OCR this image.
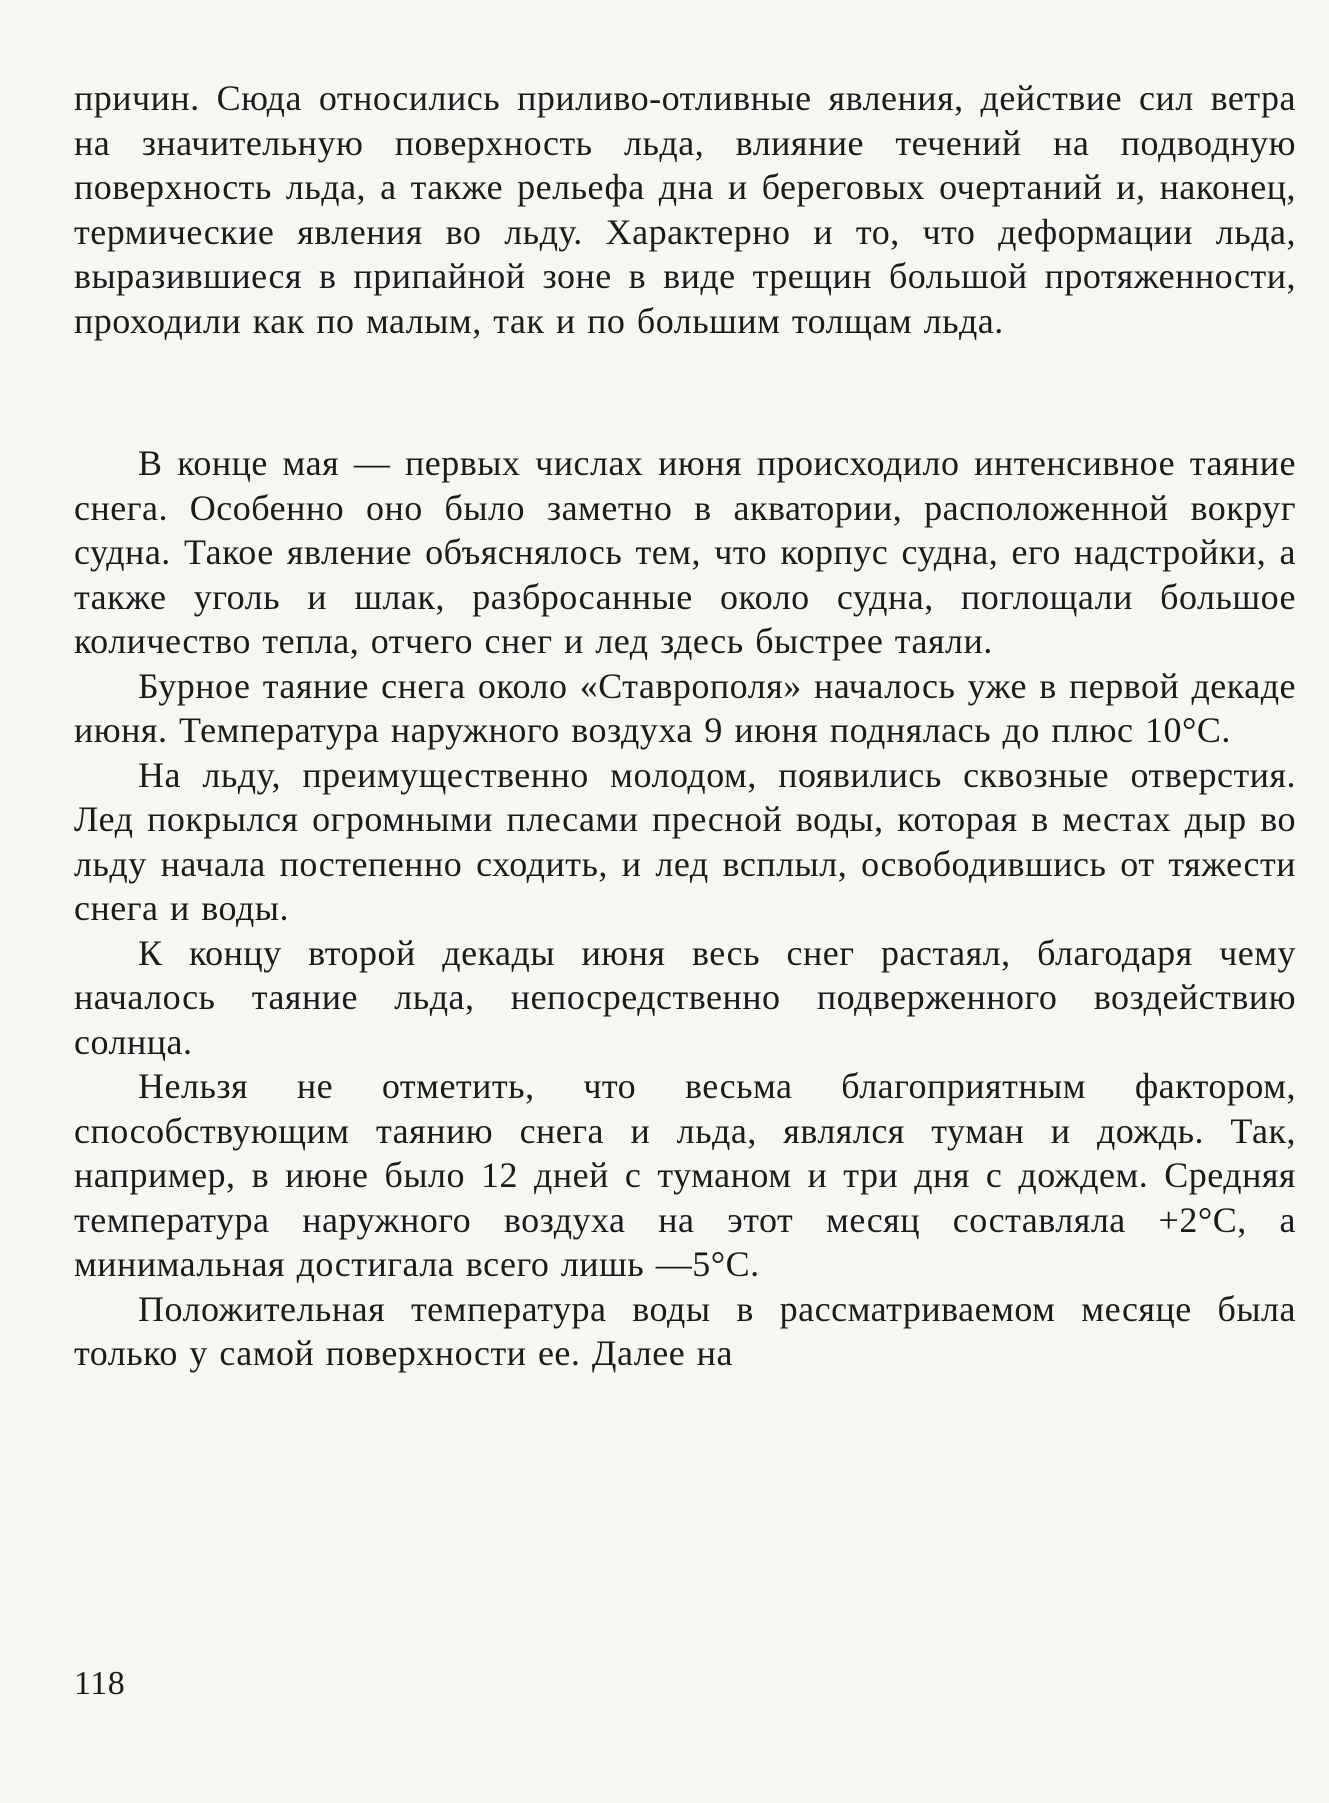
причин. Сюда относились приливо-отливные явления, действие сил ветра на значительную поверхность льда, влияние течений на подводную поверхность льда, а также рельефа дна и береговых очертаний и, наконец, термические явления во льду. Характерно и то, что деформации льда, выразившиеся в припайной зоне в виде трещин большой протяженности, проходили как по малым, так и по большим толщам льда.

В конце мая — первых числах июня происходило интенсивное таяние снега. Особенно оно было заметно в акватории, расположенной вокруг судна. Такое явление объяснялось тем, что корпус судна, его надстройки, а также уголь и шлак, разбросанные около судна, поглощали большое количество тепла, отчего снег и лед здесь быстрее таяли.

Бурное таяние снега около «Ставрополя» началось уже в первой декаде июня. Температура наружного воздуха 9 июня поднялась до плюс 10°С.

На льду, преимущественно молодом, появились сквозные отверстия. Лед покрылся огромными плесами пресной воды, которая в местах дыр во льду начала постепенно сходить, и лед всплыл, освободившись от тяжести снега и воды.

К концу второй декады июня весь снег растаял, благодаря чему началось таяние льда, непосредственно подверженного воздействию солнца.

Нельзя не отметить, что весьма благоприятным фактором, способствующим таянию снега и льда, являлся туман и дождь. Так, например, в июне было 12 дней с туманом и три дня с дождем. Средняя температура наружного воздуха на этот месяц составляла +2°С, а минимальная достигала всего лишь —5°С.

Положительная температура воды в рассматриваемом месяце была только у самой поверхности ее. Далее на

118
